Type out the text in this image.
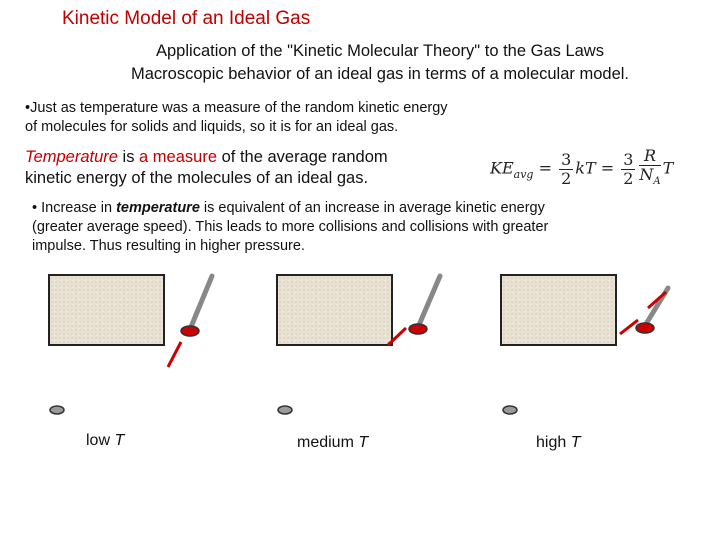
Kinetic Model of an Ideal Gas
Application of the "Kinetic Molecular Theory" to the Gas Laws
Macroscopic behavior of an ideal gas in terms of a molecular model.
•Just as temperature was a measure of the random kinetic energy
of molecules for solids and liquids, so it is for an ideal gas.
Temperature is a measure of the average random
kinetic energy of the molecules of an ideal gas.
$KE_{avg} = \frac{3}{2}$ kT = $\frac{3}{2} \frac{R}{N_A}$ T
• Increase in temperature is equivalent of an increase in average kinetic energy
(greater average speed). This leads to more collisions and collisions with greater
impulse. Thus resulting in higher pressure.
low T	medium T	high T
